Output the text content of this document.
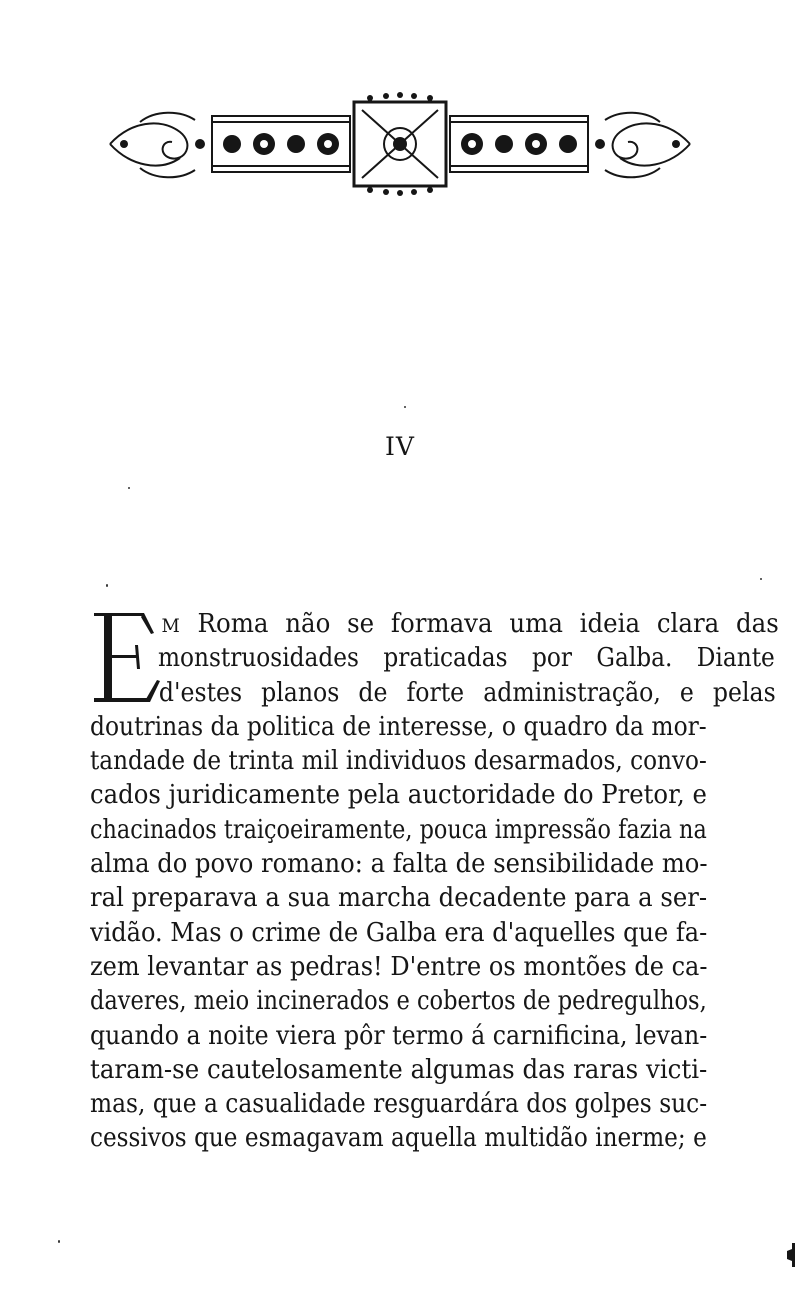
IV
M Roma não se formava uma ideia clara das
monstruosidades praticadas por Galba. Diante
d'estes planos de forte administração, e pelas
doutrinas da politica de interesse, o quadro da mor-
tandade de trinta mil individuos desarmados, convo-
cados juridicamente pela auctoridade do Pretor, e
chacinados traiçoeiramente, pouca impressão fazia na
alma do povo romano: a falta de sensibilidade mo-
ral preparava a sua marcha decadente para a ser-
vidão. Mas o crime de Galba era d'aquelles que fa-
zem levantar as pedras! D'entre os montões de ca-
daveres, meio incinerados e cobertos de pedregulhos,
quando a noite viera pôr termo á carnificina, levan-
taram-se cautelosamente algumas das raras victi-
mas, que a casualidade resguardára dos golpes suc-
cessivos que esmagavam aquella multidão inerme; e
